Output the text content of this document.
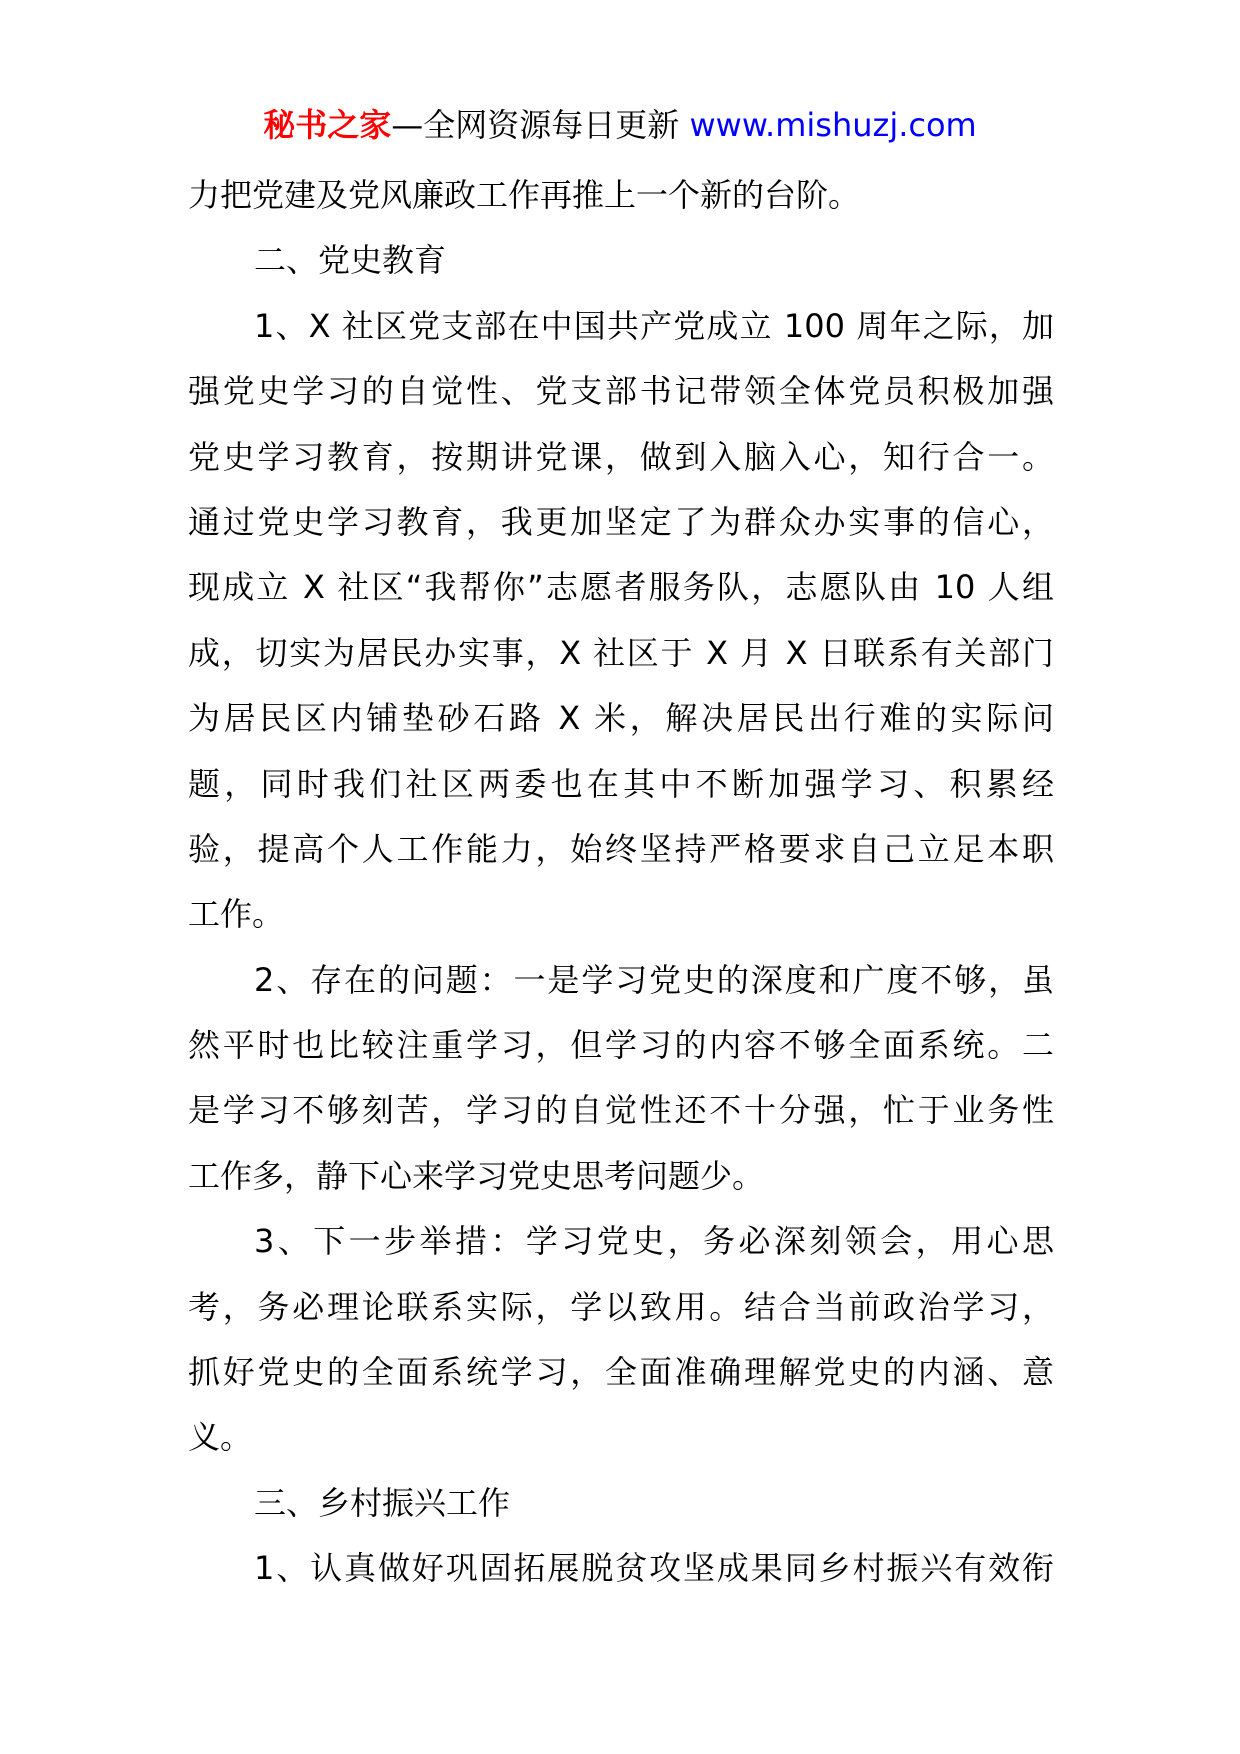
秘书之家—全网资源每日更新 www.mishuzj.com
力把党建及党风廉政工作再推上一个新的台阶。
二、党史教育
1、X 社区党支部在中国共产党成立 100 周年之际，加
强党史学习的自觉性、党支部书记带领全体党员积极加强
党史学习教育，按期讲党课，做到入脑入心，知行合一。
通过党史学习教育，我更加坚定了为群众办实事的信心，
现成立 X 社区“我帮你”志愿者服务队，志愿队由 10 人组
成，切实为居民办实事，X 社区于 X 月 X 日联系有关部门
为居民区内铺垫砂石路 X 米，解决居民出行难的实际问
题，同时我们社区两委也在其中不断加强学习、积累经
验，提高个人工作能力，始终坚持严格要求自己立足本职
工作。
2、存在的问题：一是学习党史的深度和广度不够，虽
然平时也比较注重学习，但学习的内容不够全面系统。二
是学习不够刻苦，学习的自觉性还不十分强，忙于业务性
工作多，静下心来学习党史思考问题少。
3、下一步举措：学习党史，务必深刻领会，用心思
考，务必理论联系实际，学以致用。结合当前政治学习，
抓好党史的全面系统学习，全面准确理解党史的内涵、意
义。
三、乡村振兴工作
1、认真做好巩固拓展脱贫攻坚成果同乡村振兴有效衔
